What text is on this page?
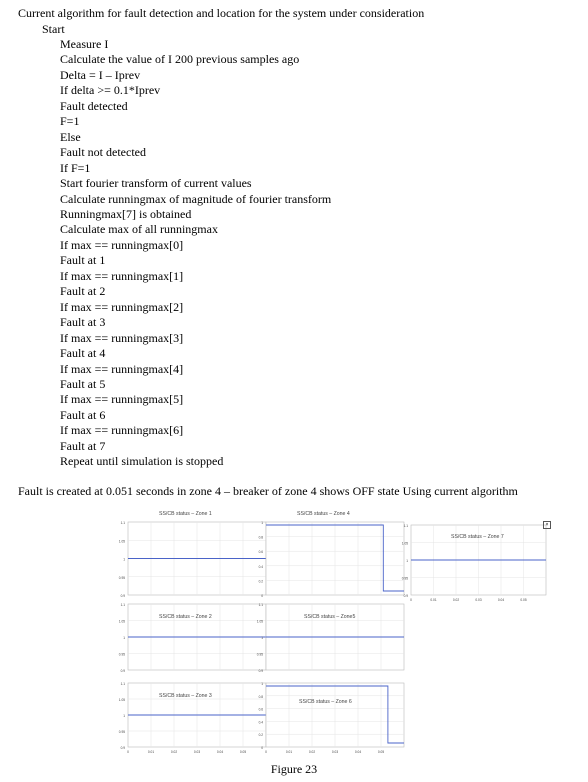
Current algorithm for fault detection and location for the system under consideration
Start
Measure I
Calculate the value of I 200 previous samples ago
Delta = I – Iprev
If delta >= 0.1*Iprev
Fault detected
F=1
Else
Fault not detected
If F=1
Start fourier transform of current values
Calculate runningmax of magnitude of fourier transform
Runningmax[7] is obtained
Calculate max of all runningmax
If max == runningmax[0]
Fault at 1
If max == runningmax[1]
Fault at 2
If max == runningmax[2]
Fault at 3
If max == runningmax[3]
Fault at 4
If max == runningmax[4]
Fault at 5
If max == runningmax[5]
Fault at 6
If max == runningmax[6]
Fault at 7
Repeat until simulation is stopped
Fault is created at 0.051 seconds in zone 4 – breaker of zone 4 shows OFF state Using current algorithm
1.1
1.05
1
0.95
0.9
SS/CB status – Zone 1
1
0.8
0.6
0.4
0.2
0
SS/CB status – Zone 4
1.1
1.05
1
0.95
0.9
0	0.01	0.02	0.03	0.04	0.05
SS/CB status – Zone 7
1.1
1.05
1
0.95
0.9
SS/CB status – Zone 2
1.1
1.05
1
0.95
0.9
SS/CB status – Zone5
1.1
1.05
1
0.95
0.9
0	0.01	0.02	0.03	0.04	0.05
SS/CB status – Zone 3
1
0.8
0.6
0.4
0.2
0
0	0.01	0.02	0.03	0.04	0.05
SS/CB status – Zone 6
×
Figure 23
